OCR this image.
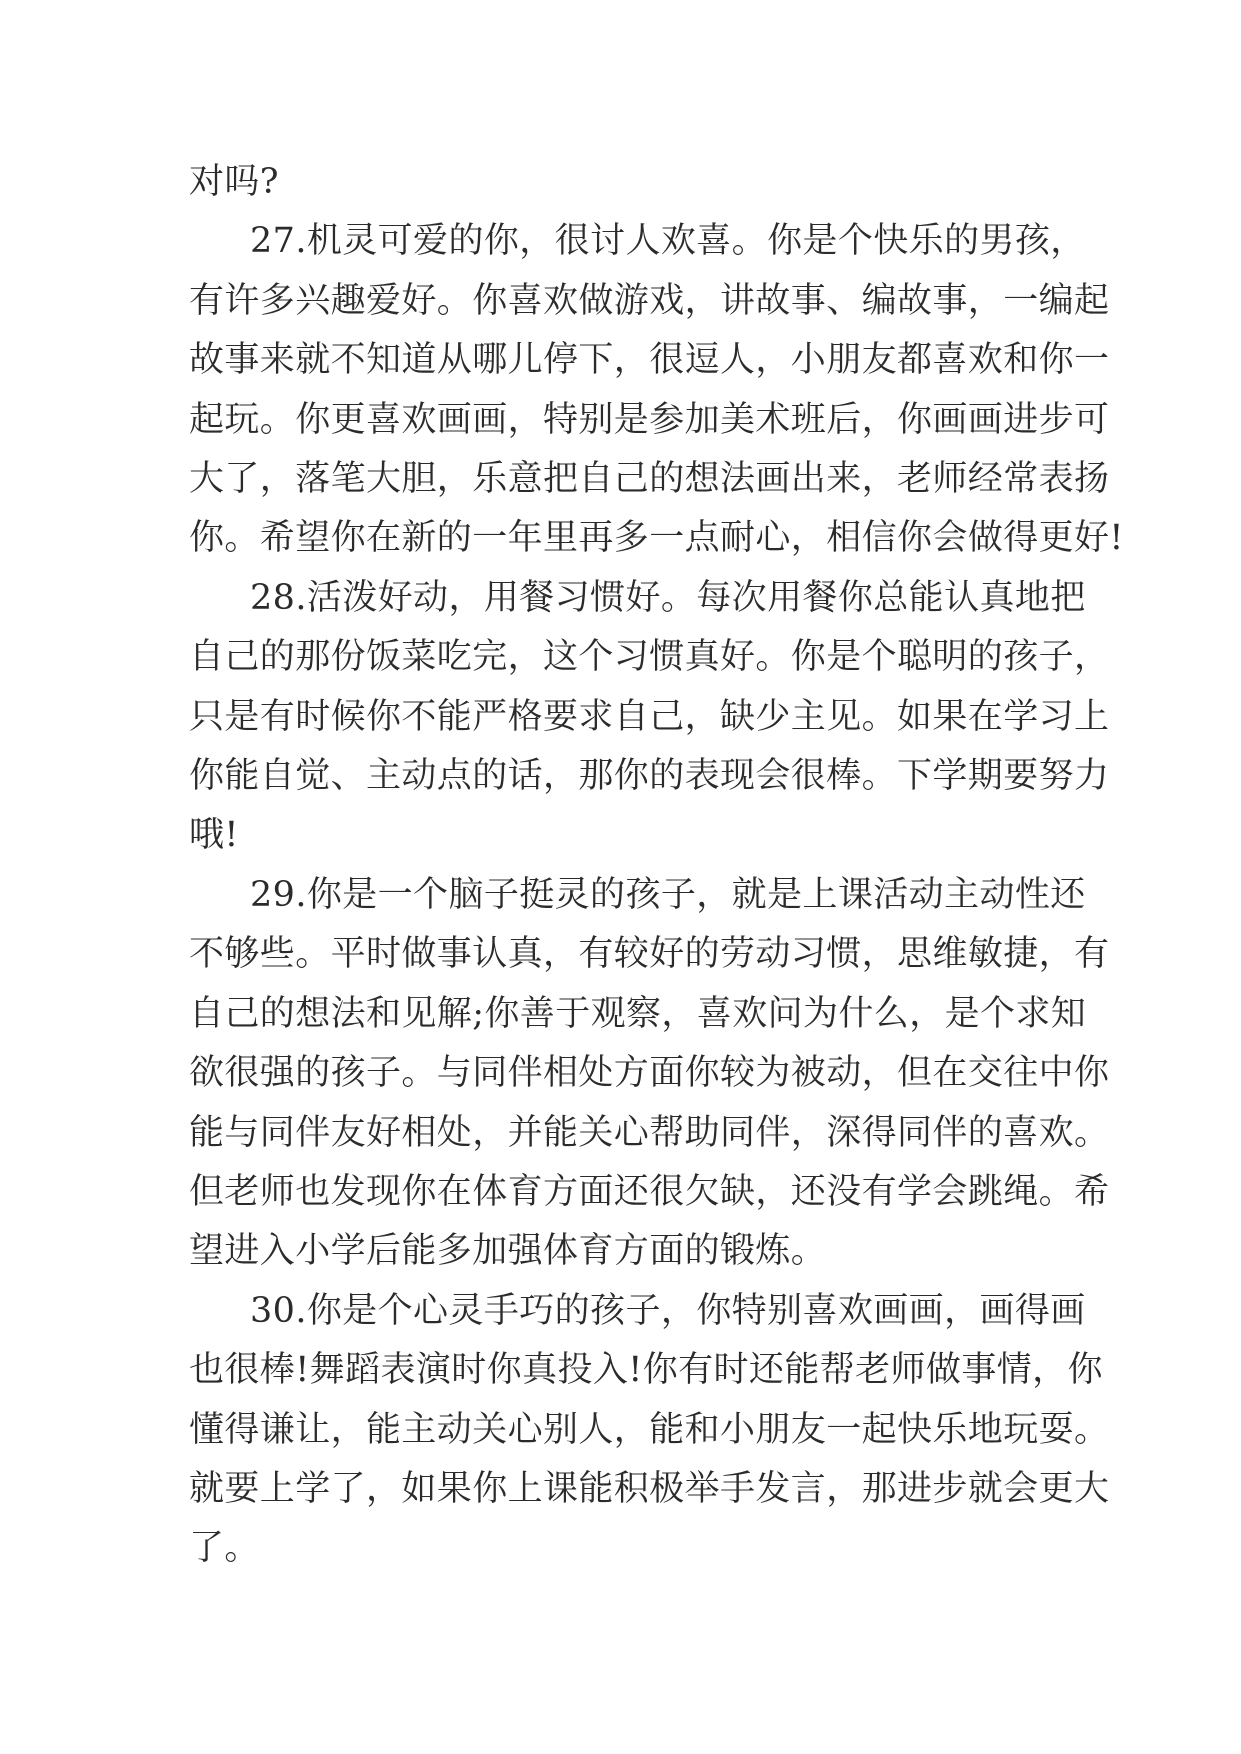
对吗?

27.机灵可爱的你，很讨人欢喜。你是个快乐的男孩，
有许多兴趣爱好。你喜欢做游戏，讲故事、编故事，一编起
故事来就不知道从哪儿停下，很逗人，小朋友都喜欢和你一
起玩。你更喜欢画画，特别是参加美术班后，你画画进步可
大了，落笔大胆，乐意把自己的想法画出来，老师经常表扬
你。希望你在新的一年里再多一点耐心，相信你会做得更好!

28.活泼好动，用餐习惯好。每次用餐你总能认真地把
自己的那份饭菜吃完，这个习惯真好。你是个聪明的孩子，
只是有时候你不能严格要求自己，缺少主见。如果在学习上
你能自觉、主动点的话，那你的表现会很棒。下学期要努力
哦!

29.你是一个脑子挺灵的孩子，就是上课活动主动性还
不够些。平时做事认真，有较好的劳动习惯，思维敏捷，有
自己的想法和见解;你善于观察，喜欢问为什么，是个求知
欲很强的孩子。与同伴相处方面你较为被动，但在交往中你
能与同伴友好相处，并能关心帮助同伴，深得同伴的喜欢。
但老师也发现你在体育方面还很欠缺，还没有学会跳绳。希
望进入小学后能多加强体育方面的锻炼。

30.你是个心灵手巧的孩子，你特别喜欢画画，画得画
也很棒!舞蹈表演时你真投入!你有时还能帮老师做事情，你
懂得谦让，能主动关心别人，能和小朋友一起快乐地玩耍。
就要上学了，如果你上课能积极举手发言，那进步就会更大
了。
